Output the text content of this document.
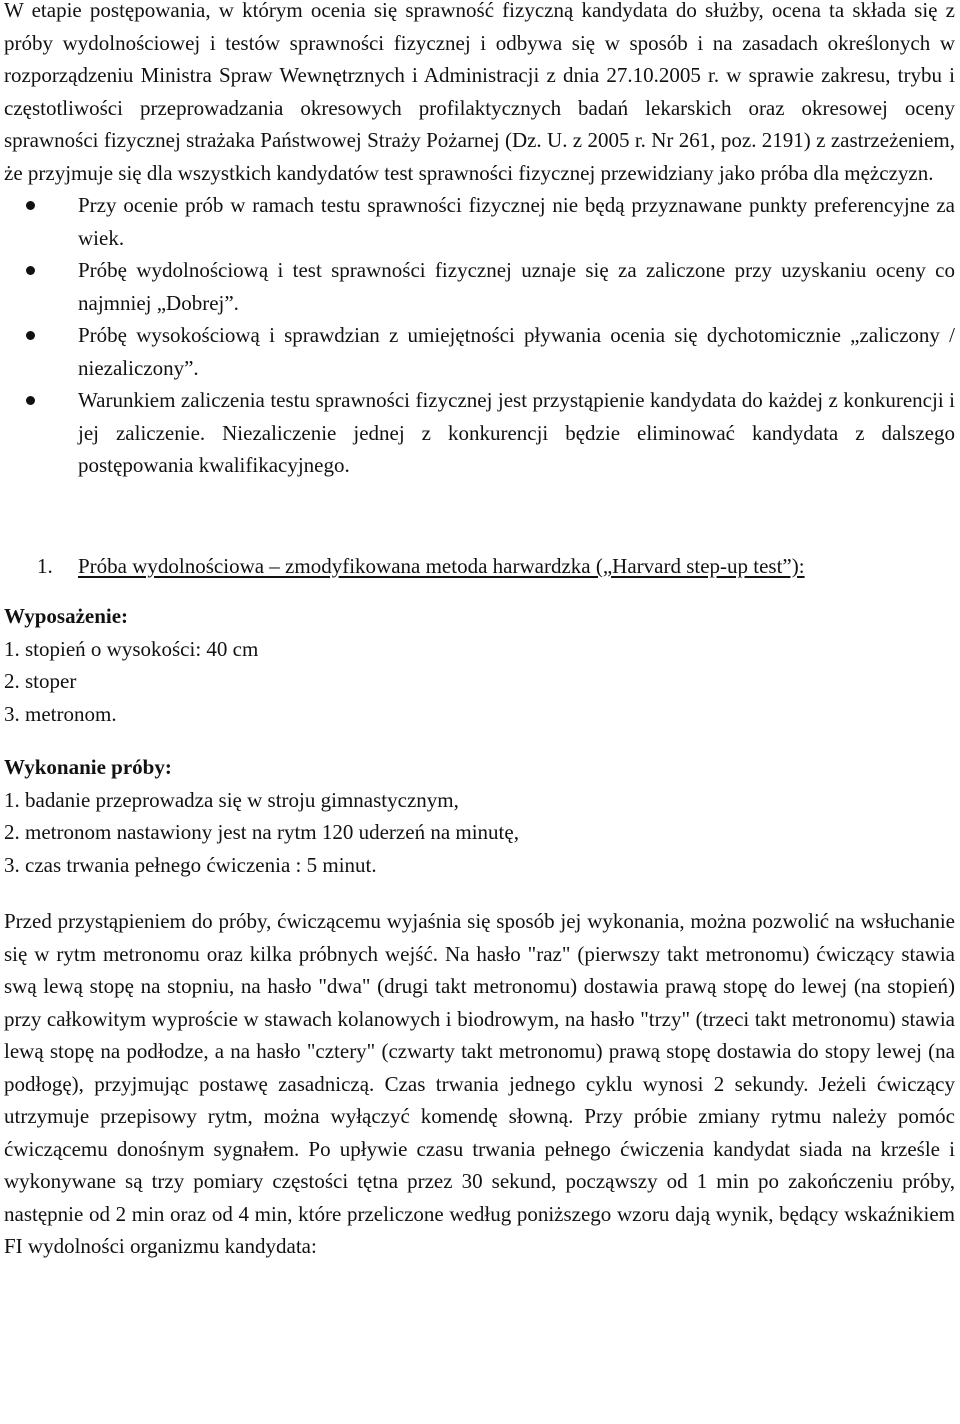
W etapie postępowania, w którym ocenia się sprawność fizyczną kandydata do służby, ocena ta składa się z próby wydolnościowej i testów sprawności fizycznej i odbywa się w sposób i na zasadach określonych w rozporządzeniu Ministra Spraw Wewnętrznych i Administracji z dnia 27.10.2005 r. w sprawie zakresu, trybu i częstotliwości przeprowadzania okresowych profilaktycznych badań lekarskich oraz okresowej oceny sprawności fizycznej strażaka Państwowej Straży Pożarnej (Dz. U. z 2005 r. Nr 261, poz. 2191) z zastrzeżeniem, że przyjmuje się dla wszystkich kandydatów test sprawności fizycznej przewidziany jako próba dla mężczyzn.

Przy ocenie prób w ramach testu sprawności fizycznej nie będą przyznawane punkty preferencyjne za wiek.
Próbę wydolnościową i test sprawności fizycznej uznaje się za zaliczone przy uzyskaniu oceny co najmniej „Dobrej”.
Próbę wysokościową i sprawdzian z umiejętności pływania ocenia się dychotomicznie „zaliczony / niezaliczony”.
Warunkiem zaliczenia testu sprawności fizycznej jest przystąpienie kandydata do każdej z konkurencji i jej zaliczenie. Niezaliczenie jednej z konkurencji będzie eliminować kandydata z dalszego postępowania kwalifikacyjnego.

1. Próba wydolnościowa – zmodyfikowana metoda harwardzka („Harvard step-up test”):

Wyposażenie:

1. stopień o wysokości: 40 cm

2. stoper

3. metronom.

Wykonanie próby:

1. badanie przeprowadza się w stroju gimnastycznym,

2. metronom nastawiony jest na rytm 120 uderzeń na minutę,

3. czas trwania pełnego ćwiczenia : 5 minut.

Przed przystąpieniem do próby, ćwiczącemu wyjaśnia się sposób jej wykonania, można pozwolić na wsłuchanie się w rytm metronomu oraz kilka próbnych wejść. Na hasło "raz" (pierwszy takt metronomu) ćwiczący stawia swą lewą stopę na stopniu, na hasło "dwa" (drugi takt metronomu) dostawia prawą stopę do lewej (na stopień) przy całkowitym wyproście w stawach kolanowych i biodrowym, na hasło "trzy" (trzeci takt metronomu) stawia lewą stopę na podłodze, a na hasło "cztery" (czwarty takt metronomu) prawą stopę dostawia do stopy lewej (na podłogę), przyjmując postawę zasadniczą. Czas trwania jednego cyklu wynosi 2 sekundy. Jeżeli ćwiczący utrzymuje przepisowy rytm, można wyłączyć komendę słowną. Przy próbie zmiany rytmu należy pomóc ćwiczącemu donośnym sygnałem. Po upływie czasu trwania pełnego ćwiczenia kandydat siada na krześle i wykonywane są trzy pomiary częstości tętna przez 30 sekund, począwszy od 1 min po zakończeniu próby, następnie od 2 min oraz od 4 min, które przeliczone według poniższego wzoru dają wynik, będący wskaźnikiem FI wydolności organizmu kandydata:
